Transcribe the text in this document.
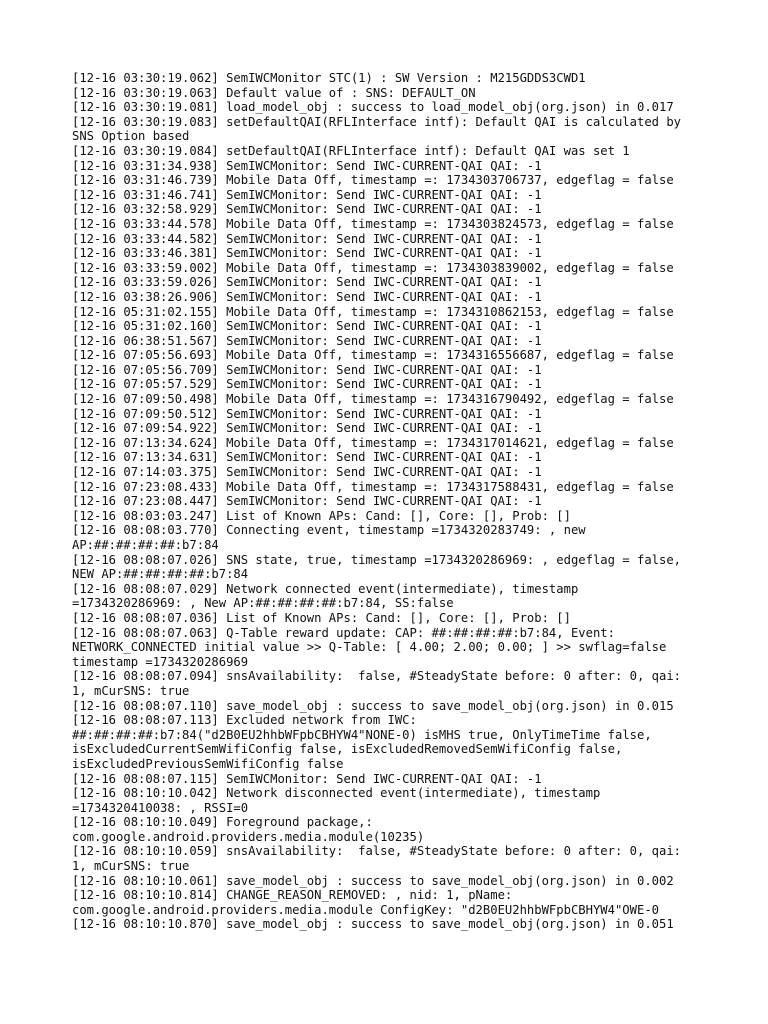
[12-16 03:30:19.062] SemIWCMonitor STC(1) : SW Version : M215GDDS3CWD1
[12-16 03:30:19.063] Default value of : SNS: DEFAULT_ON
[12-16 03:30:19.081] load_model_obj : success to load_model_obj(org.json) in 0.017
[12-16 03:30:19.083] setDefaultQAI(RFLInterface intf): Default QAI is calculated by
SNS Option based
[12-16 03:30:19.084] setDefaultQAI(RFLInterface intf): Default QAI was set 1
[12-16 03:31:34.938] SemIWCMonitor: Send IWC-CURRENT-QAI QAI: -1
[12-16 03:31:46.739] Mobile Data Off, timestamp =: 1734303706737, edgeflag = false
[12-16 03:31:46.741] SemIWCMonitor: Send IWC-CURRENT-QAI QAI: -1
[12-16 03:32:58.929] SemIWCMonitor: Send IWC-CURRENT-QAI QAI: -1
[12-16 03:33:44.578] Mobile Data Off, timestamp =: 1734303824573, edgeflag = false
[12-16 03:33:44.582] SemIWCMonitor: Send IWC-CURRENT-QAI QAI: -1
[12-16 03:33:46.381] SemIWCMonitor: Send IWC-CURRENT-QAI QAI: -1
[12-16 03:33:59.002] Mobile Data Off, timestamp =: 1734303839002, edgeflag = false
[12-16 03:33:59.026] SemIWCMonitor: Send IWC-CURRENT-QAI QAI: -1
[12-16 03:38:26.906] SemIWCMonitor: Send IWC-CURRENT-QAI QAI: -1
[12-16 05:31:02.155] Mobile Data Off, timestamp =: 1734310862153, edgeflag = false
[12-16 05:31:02.160] SemIWCMonitor: Send IWC-CURRENT-QAI QAI: -1
[12-16 06:38:51.567] SemIWCMonitor: Send IWC-CURRENT-QAI QAI: -1
[12-16 07:05:56.693] Mobile Data Off, timestamp =: 1734316556687, edgeflag = false
[12-16 07:05:56.709] SemIWCMonitor: Send IWC-CURRENT-QAI QAI: -1
[12-16 07:05:57.529] SemIWCMonitor: Send IWC-CURRENT-QAI QAI: -1
[12-16 07:09:50.498] Mobile Data Off, timestamp =: 1734316790492, edgeflag = false
[12-16 07:09:50.512] SemIWCMonitor: Send IWC-CURRENT-QAI QAI: -1
[12-16 07:09:54.922] SemIWCMonitor: Send IWC-CURRENT-QAI QAI: -1
[12-16 07:13:34.624] Mobile Data Off, timestamp =: 1734317014621, edgeflag = false
[12-16 07:13:34.631] SemIWCMonitor: Send IWC-CURRENT-QAI QAI: -1
[12-16 07:14:03.375] SemIWCMonitor: Send IWC-CURRENT-QAI QAI: -1
[12-16 07:23:08.433] Mobile Data Off, timestamp =: 1734317588431, edgeflag = false
[12-16 07:23:08.447] SemIWCMonitor: Send IWC-CURRENT-QAI QAI: -1
[12-16 08:03:03.247] List of Known APs: Cand: [], Core: [], Prob: []
[12-16 08:08:03.770] Connecting event, timestamp =1734320283749: , new
AP:##:##:##:##:b7:84
[12-16 08:08:07.026] SNS state, true, timestamp =1734320286969: , edgeflag = false,
NEW AP:##:##:##:##:b7:84
[12-16 08:08:07.029] Network connected event(intermediate), timestamp
=1734320286969: , New AP:##:##:##:##:b7:84, SS:false
[12-16 08:08:07.036] List of Known APs: Cand: [], Core: [], Prob: []
[12-16 08:08:07.063] Q-Table reward update: CAP: ##:##:##:##:b7:84, Event:
NETWORK_CONNECTED initial value >> Q-Table: [ 4.00; 2.00; 0.00; ] >> swflag=false
timestamp =1734320286969
[12-16 08:08:07.094] snsAvailability:  false, #SteadyState before: 0 after: 0, qai:
1, mCurSNS: true
[12-16 08:08:07.110] save_model_obj : success to save_model_obj(org.json) in 0.015
[12-16 08:08:07.113] Excluded network from IWC:
##:##:##:##:b7:84("d2B0EU2hhbWFpbCBHYW4"NONE-0) isMHS true, OnlyTimeTime false,
isExcludedCurrentSemWifiConfig false, isExcludedRemovedSemWifiConfig false,
isExcludedPreviousSemWifiConfig false
[12-16 08:08:07.115] SemIWCMonitor: Send IWC-CURRENT-QAI QAI: -1
[12-16 08:10:10.042] Network disconnected event(intermediate), timestamp
=1734320410038: , RSSI=0
[12-16 08:10:10.049] Foreground package,:
com.google.android.providers.media.module(10235)
[12-16 08:10:10.059] snsAvailability:  false, #SteadyState before: 0 after: 0, qai:
1, mCurSNS: true
[12-16 08:10:10.061] save_model_obj : success to save_model_obj(org.json) in 0.002
[12-16 08:10:10.814] CHANGE_REASON_REMOVED: , nid: 1, pName:
com.google.android.providers.media.module ConfigKey: "d2B0EU2hhbWFpbCBHYW4"OWE-0
[12-16 08:10:10.870] save_model_obj : success to save_model_obj(org.json) in 0.051
